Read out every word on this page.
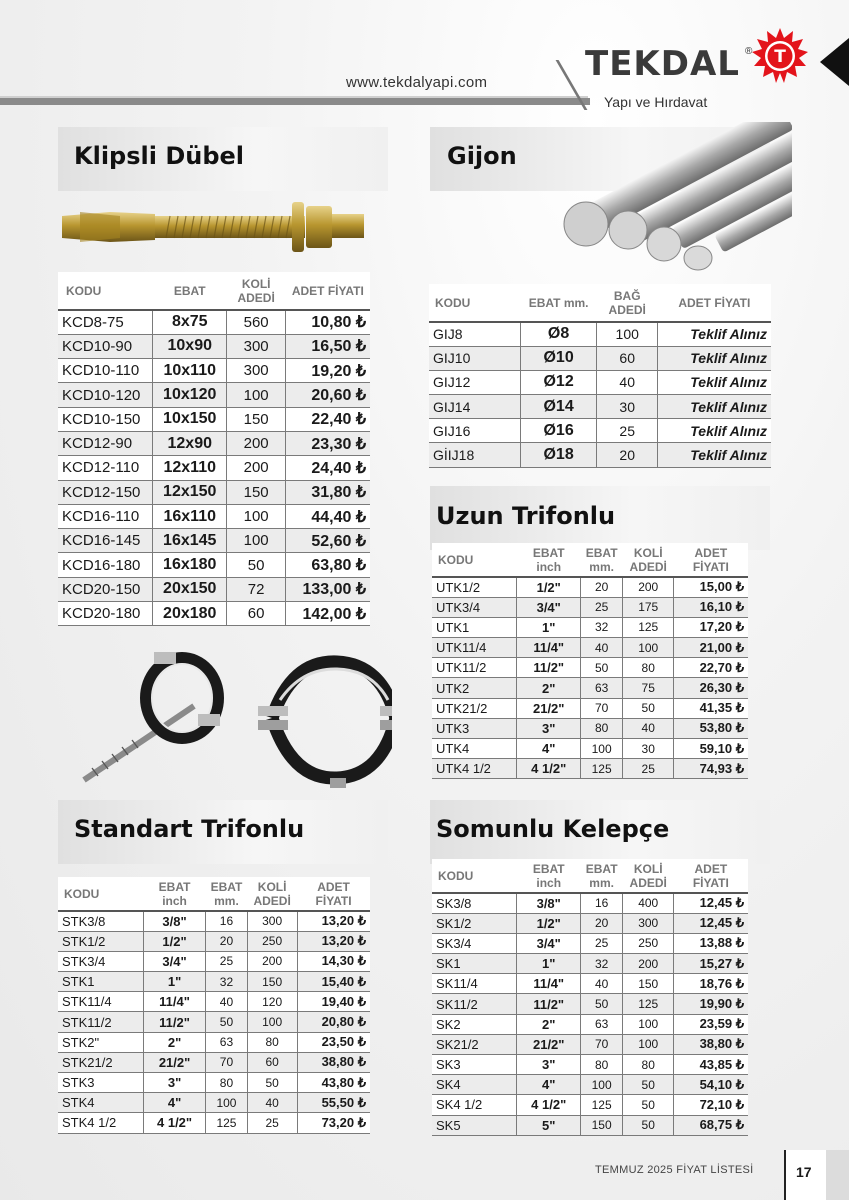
www.tekdalyapi.com	TEKDAL ®
Yapı ve Hırdavat
T
Klipsli Dübel
KODU	EBAT	KOLİ ADEDİ	ADET FİYATI
KCD8-75	8x75	560	10,80 ₺
KCD10-90	10x90	300	16,50 ₺
KCD10-110	10x110	300	19,20 ₺
KCD10-120	10x120	100	20,60 ₺
KCD10-150	10x150	150	22,40 ₺
KCD12-90	12x90	200	23,30 ₺
KCD12-110	12x110	200	24,40 ₺
KCD12-150	12x150	150	31,80 ₺
KCD16-110	16x110	100	44,40 ₺
KCD16-145	16x145	100	52,60 ₺
KCD16-180	16x180	50	63,80 ₺
KCD20-150	20x150	72	133,00 ₺
KCD20-180	20x180	60	142,00 ₺
Standart Trifonlu
KODU	EBAT inch	EBAT mm.	KOLİ ADEDİ	ADET FİYATI
STK3/8	3/8"	16	300	13,20 ₺
STK1/2	1/2"	20	250	13,20 ₺
STK3/4	3/4"	25	200	14,30 ₺
STK1	1"	32	150	15,40 ₺
STK11/4	11/4"	40	120	19,40 ₺
STK11/2	11/2"	50	100	20,80 ₺
STK2"	2"	63	80	23,50 ₺
STK21/2	21/2"	70	60	38,80 ₺
STK3	3"	80	50	43,80 ₺
STK4	4"	100	40	55,50 ₺
STK4 1/2	4 1/2"	125	25	73,20 ₺
Gijon
KODU	EBAT mm.	BAĞ ADEDİ	ADET FİYATI
GIJ8	Ø8	100	Teklif Alınız
GIJ10	Ø10	60	Teklif Alınız
GIJ12	Ø12	40	Teklif Alınız
GIJ14	Ø14	30	Teklif Alınız
GIJ16	Ø16	25	Teklif Alınız
GİIJ18	Ø18	20	Teklif Alınız
Uzun Trifonlu
KODU	EBAT inch	EBAT mm.	KOLİ ADEDİ	ADET FİYATI
UTK1/2	1/2"	20	200	15,00 ₺
UTK3/4	3/4"	25	175	16,10 ₺
UTK1	1"	32	125	17,20 ₺
UTK11/4	11/4"	40	100	21,00 ₺
UTK11/2	11/2"	50	80	22,70 ₺
UTK2	2"	63	75	26,30 ₺
UTK21/2	21/2"	70	50	41,35 ₺
UTK3	3"	80	40	53,80 ₺
UTK4	4"	100	30	59,10 ₺
UTK4 1/2	4 1/2"	125	25	74,93 ₺
Somunlu Kelepçe
KODU	EBAT inch	EBAT mm.	KOLİ ADEDİ	ADET FİYATI
SK3/8	3/8"	16	400	12,45 ₺
SK1/2	1/2"	20	300	12,45 ₺
SK3/4	3/4"	25	250	13,88 ₺
SK1	1"	32	200	15,27 ₺
SK11/4	11/4"	40	150	18,76 ₺
SK11/2	11/2"	50	125	19,90 ₺
SK2	2"	63	100	23,59 ₺
SK21/2	21/2"	70	100	38,80 ₺
SK3	3"	80	80	43,85 ₺
SK4	4"	100	50	54,10 ₺
SK4 1/2	4 1/2"	125	50	72,10 ₺
SK5	5"	150	50	68,75 ₺
TEMMUZ 2025 FİYAT LİSTESİ	17
